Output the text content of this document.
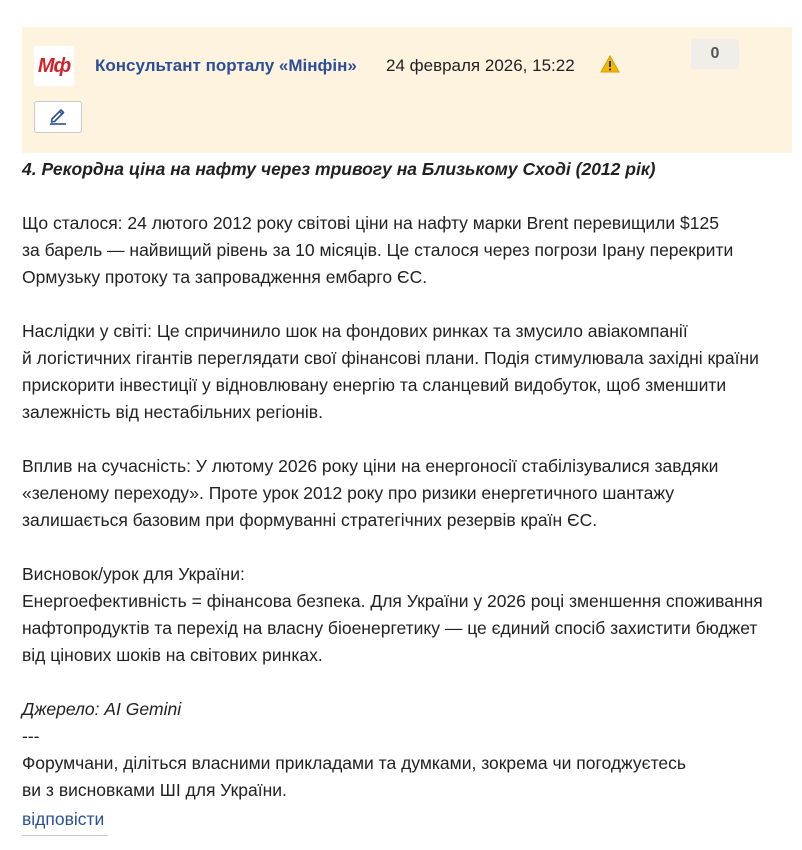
Мф Консультант порталу «Мінфін» 24 февраля 2026, 15:22
0

4. Рекордна ціна на нафту через тривогу на Близькому Сході (2012 рік)

Що сталося: 24 лютого 2012 року світові ціни на нафту марки Brent перевищили $125

за барель — найвищий рівень за 10 місяців. Це сталося через погрози Ірану перекрити

Ормузьку протоку та запровадження ембарго ЄС.

Наслідки у світі: Це спричинило шок на фондових ринках та змусило авіакомпанії

й логістичних гігантів переглядати свої фінансові плани. Подія стимулювала західні країни

прискорити інвестиції у відновлювану енергію та сланцевий видобуток, щоб зменшити

залежність від нестабільних регіонів.

Вплив на сучасність: У лютому 2026 року ціни на енергоносії стабілізувалися завдяки

«зеленому переходу». Проте урок 2012 року про ризики енергетичного шантажу

залишається базовим при формуванні стратегічних резервів країн ЄС.

Висновок/урок для України:

Енергоефективність = фінансова безпека. Для України у 2026 році зменшення споживання

нафтопродуктів та перехід на власну біоенергетику — це єдиний спосіб захистити бюджет

від цінових шоків на світових ринках.

Джерело: AI Gemini

---

Форумчани, діліться власними прикладами та думками, зокрема чи погоджуєтесь

ви з висновками ШІ для України.

відповісти
